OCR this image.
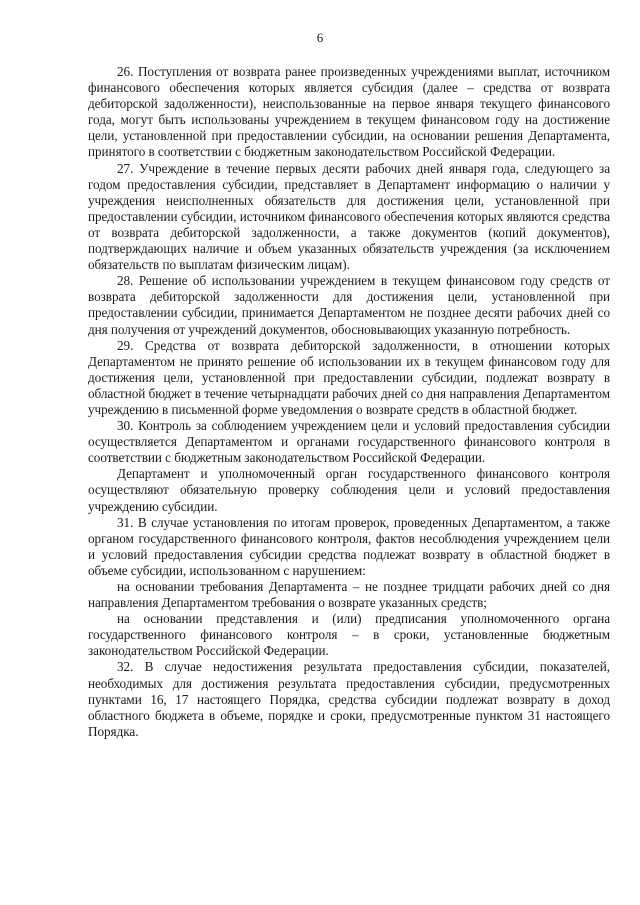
6

26. Поступления от возврата ранее произведенных учреждениями выплат, источником финансового обеспечения которых является субсидия (далее – средства от возврата дебиторской задолженности), неиспользованные на первое января текущего финансового года, могут быть использованы учреждением в текущем финансовом году на достижение цели, установленной при предоставлении субсидии, на основании решения Департамента, принятого в соответствии с бюджетным законодательством Российской Федерации.

27. Учреждение в течение первых десяти рабочих дней января года, следующего за годом предоставления субсидии, представляет в Департамент информацию о наличии у учреждения неисполненных обязательств для достижения цели, установленной при предоставлении субсидии, источником финансового обеспечения которых являются средства от возврата дебиторской задолженности, а также документов (копий документов), подтверждающих наличие и объем указанных обязательств учреждения (за исключением обязательств по выплатам физическим лицам).

28. Решение об использовании учреждением в текущем финансовом году средств от возврата дебиторской задолженности для достижения цели, установленной при предоставлении субсидии, принимается Департаментом не позднее десяти рабочих дней со дня получения от учреждений документов, обосновывающих указанную потребность.

29. Средства от возврата дебиторской задолженности, в отношении которых Департаментом не принято решение об использовании их в текущем финансовом году для достижения цели, установленной при предоставлении субсидии, подлежат возврату в областной бюджет в течение четырнадцати рабочих дней со дня направления Департаментом учреждению в письменной форме уведомления о возврате средств в областной бюджет.

30. Контроль за соблюдением учреждением цели и условий предоставления субсидии осуществляется Департаментом и органами государственного финансового контроля в соответствии с бюджетным законодательством Российской Федерации.

Департамент и уполномоченный орган государственного финансового контроля осуществляют обязательную проверку соблюдения цели и условий предоставления учреждению субсидии.

31. В случае установления по итогам проверок, проведенных Департаментом, а также органом государственного финансового контроля, фактов несоблюдения учреждением цели и условий предоставления субсидии средства подлежат возврату в областной бюджет в объеме субсидии, использованном с нарушением:

на основании требования Департамента – не позднее тридцати рабочих дней со дня направления Департаментом требования о возврате указанных средств;

на основании представления и (или) предписания уполномоченного органа государственного финансового контроля – в сроки, установленные бюджетным законодательством Российской Федерации.

32. В случае недостижения результата предоставления субсидии, показателей, необходимых для достижения результата предоставления субсидии, предусмотренных пунктами 16, 17 настоящего Порядка, средства субсидии подлежат возврату в доход областного бюджета в объеме, порядке и сроки, предусмотренные пунктом 31 настоящего Порядка.
